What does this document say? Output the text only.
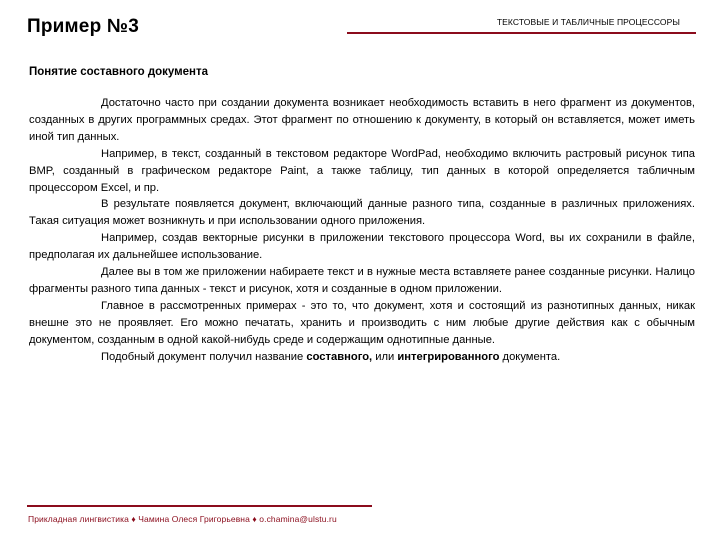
Пример №3	ТЕКСТОВЫЕ И ТАБЛИЧНЫЕ ПРОЦЕССОРЫ
Понятие составного документа

Достаточно часто при создании документа возникает необходимость вставить в него фрагмент из документов, созданных в других программных средах. Этот фрагмент по отношению к документу, в который он вставляется, может иметь иной тип данных.

Например, в текст, созданный в текстовом редакторе WordPad, необходимо включить растровый рисунок типа BMP, созданный в графическом редакторе Paint, а также таблицу, тип данных в которой определяется табличным процессором Excel, и пр.

В результате появляется документ, включающий данные разного типа, созданные в различных приложениях. Такая ситуация может возникнуть и при использовании одного приложения.

Например, создав векторные рисунки в приложении текстового процессора Word, вы их сохранили в файле, предполагая их дальнейшее использование.

Далее вы в том же приложении набираете текст и в нужные места вставляете ранее созданные рисунки. Налицо фрагменты разного типа данных - текст и рисунок, хотя и созданные в одном приложении.

Главное в рассмотренных примерах - это то, что документ, хотя и состоящий из разнотипных данных, никак внешне это не проявляет. Его можно печатать, хранить и производить с ним любые другие действия как с обычным документом, созданным в одной какой-нибудь среде и содержащим однотипные данные.

Подобный документ получил название составного, или интегрированного документа.

Прикладная лингвистика ♦ Чамина Олеся Григорьевна ♦ o.chamina@ulstu.ru
